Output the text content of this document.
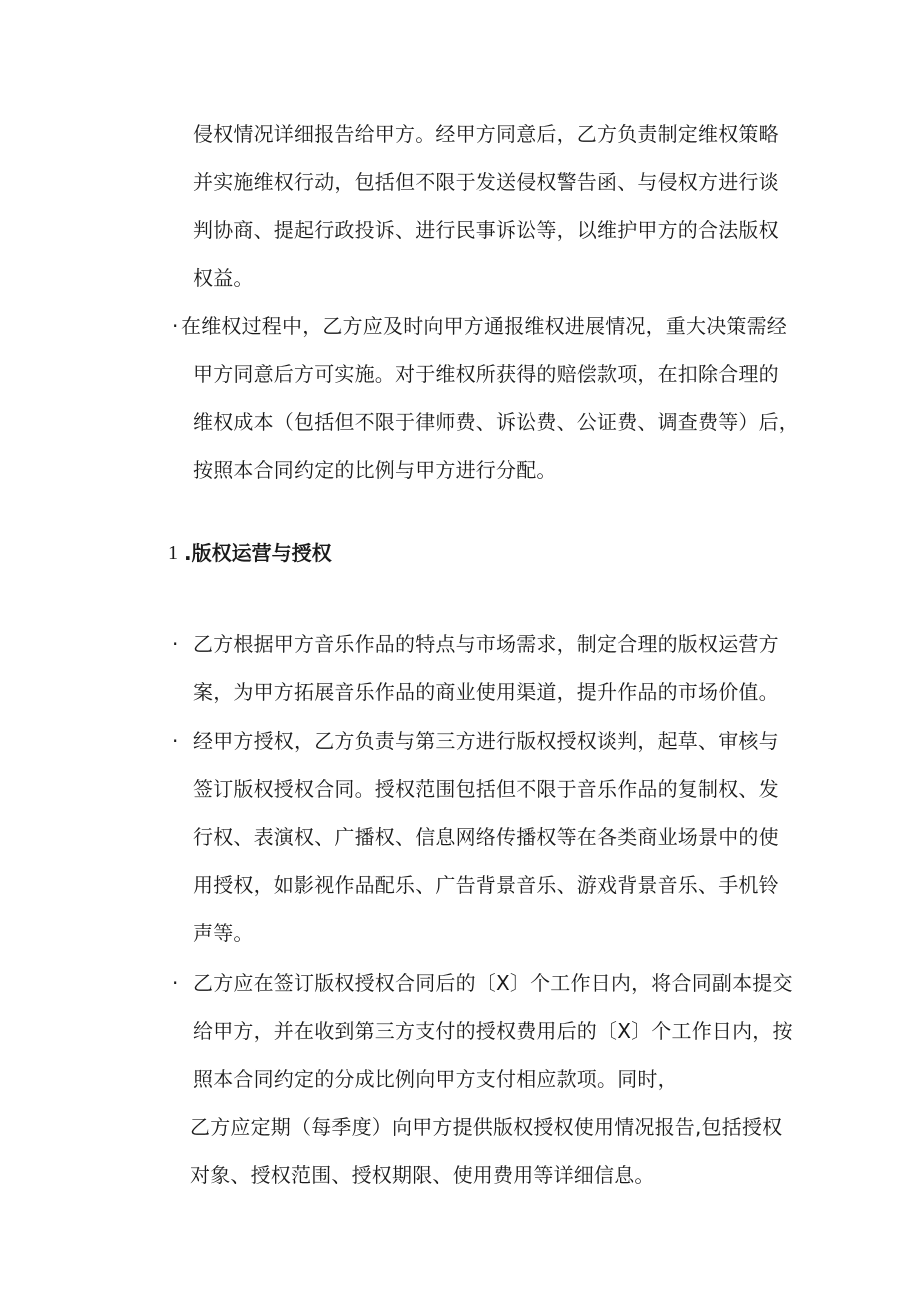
侵权情况详细报告给甲方。经甲方同意后，乙方负责制定维权策略
并实施维权行动，包括但不限于发送侵权警告函、与侵权方进行谈
判协商、提起行政投诉、进行民事诉讼等，以维护甲方的合法版权
权益。
· 在维权过程中，乙方应及时向甲方通报维权进展情况，重大决策需经
甲方同意后方可实施。对于维权所获得的赔偿款项，在扣除合理的
维权成本（包括但不限于律师费、诉讼费、公证费、调查费等）后，
按照本合同约定的比例与甲方进行分配。
1 .版权运营与授权
· 乙方根据甲方音乐作品的特点与市场需求，制定合理的版权运营方
案，为甲方拓展音乐作品的商业使用渠道，提升作品的市场价值。
· 经甲方授权，乙方负责与第三方进行版权授权谈判，起草、审核与
签订版权授权合同。授权范围包括但不限于音乐作品的复制权、发
行权、表演权、广播权、信息网络传播权等在各类商业场景中的使
用授权，如影视作品配乐、广告背景音乐、游戏背景音乐、手机铃
声等。
· 乙方应在签订版权授权合同后的〔X〕个工作日内，将合同副本提交
给甲方，并在收到第三方支付的授权费用后的〔X〕个工作日内，按
照本合同约定的分成比例向甲方支付相应款项。同时，
乙方应定期（每季度）向甲方提供版权授权使用情况报告,包括授权
对象、授权范围、授权期限、使用费用等详细信息。
